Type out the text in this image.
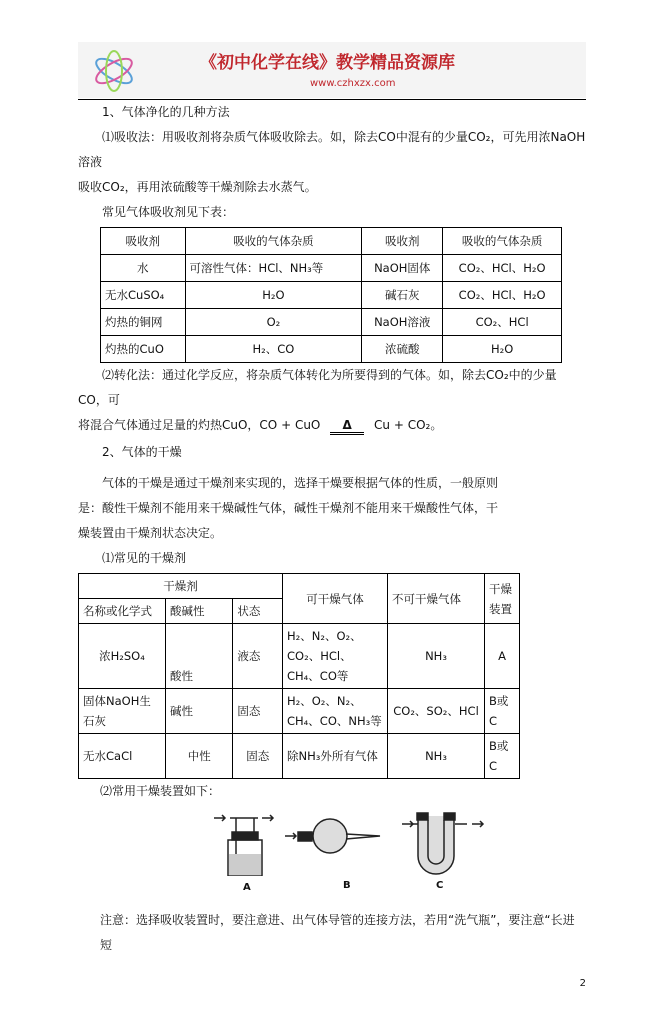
《初中化学在线》教学精品资源库
www.czhxzx.com

1、气体净化的几种方法

⑴吸收法：用吸收剂将杂质气体吸收除去。如，除去CO中混有的少量CO₂，可先用浓NaOH溶液

吸收CO₂，再用浓硫酸等干燥剂除去水蒸气。

常见气体吸收剂见下表：

吸收剂	吸收的气体杂质	吸收剂	吸收的气体杂质
水	可溶性气体：HCl、NH₃等	NaOH固体	CO₂、HCl、H₂O
无水CuSO₄	H₂O	碱石灰	CO₂、HCl、H₂O
灼热的铜网	O₂	NaOH溶液	CO₂、HCl
灼热的CuO	H₂、CO	浓硫酸	H₂O

⑵转化法：通过化学反应，将杂质气体转化为所要得到的气体。如，除去CO₂中的少量CO，可

将混合气体通过足量的灼热CuO，CO + CuO Δ Cu + CO₂。

2、气体的干燥

气体的干燥是通过干燥剂来实现的，选择干燥要根据气体的性质，一般原则

是：酸性干燥剂不能用来干燥碱性气体，碱性干燥剂不能用来干燥酸性气体，干

燥装置由干燥剂状态决定。

⑴常见的干燥剂

干燥剂			可干燥气体	不可干燥气体	干燥装置
名称或化学式	酸碱性	状态			
浓H₂SO₄	酸性	液态	H₂、N₂、O₂、CO₂、HCl、CH₄、CO等	NH₃	A
固体NaOH生石灰	碱性	固态	H₂、O₂、N₂、CH₄、CO、NH₃等	CO₂、SO₂、HCl	B或C
无水CaCl	中性	固态	除NH₃外所有气体	NH₃	B或C

⑵常用干燥装置如下：

A	B	C

注意：选择吸收装置时，要注意进、出气体导管的连接方法，若用“洗气瓶”，要注意“长进短

2
